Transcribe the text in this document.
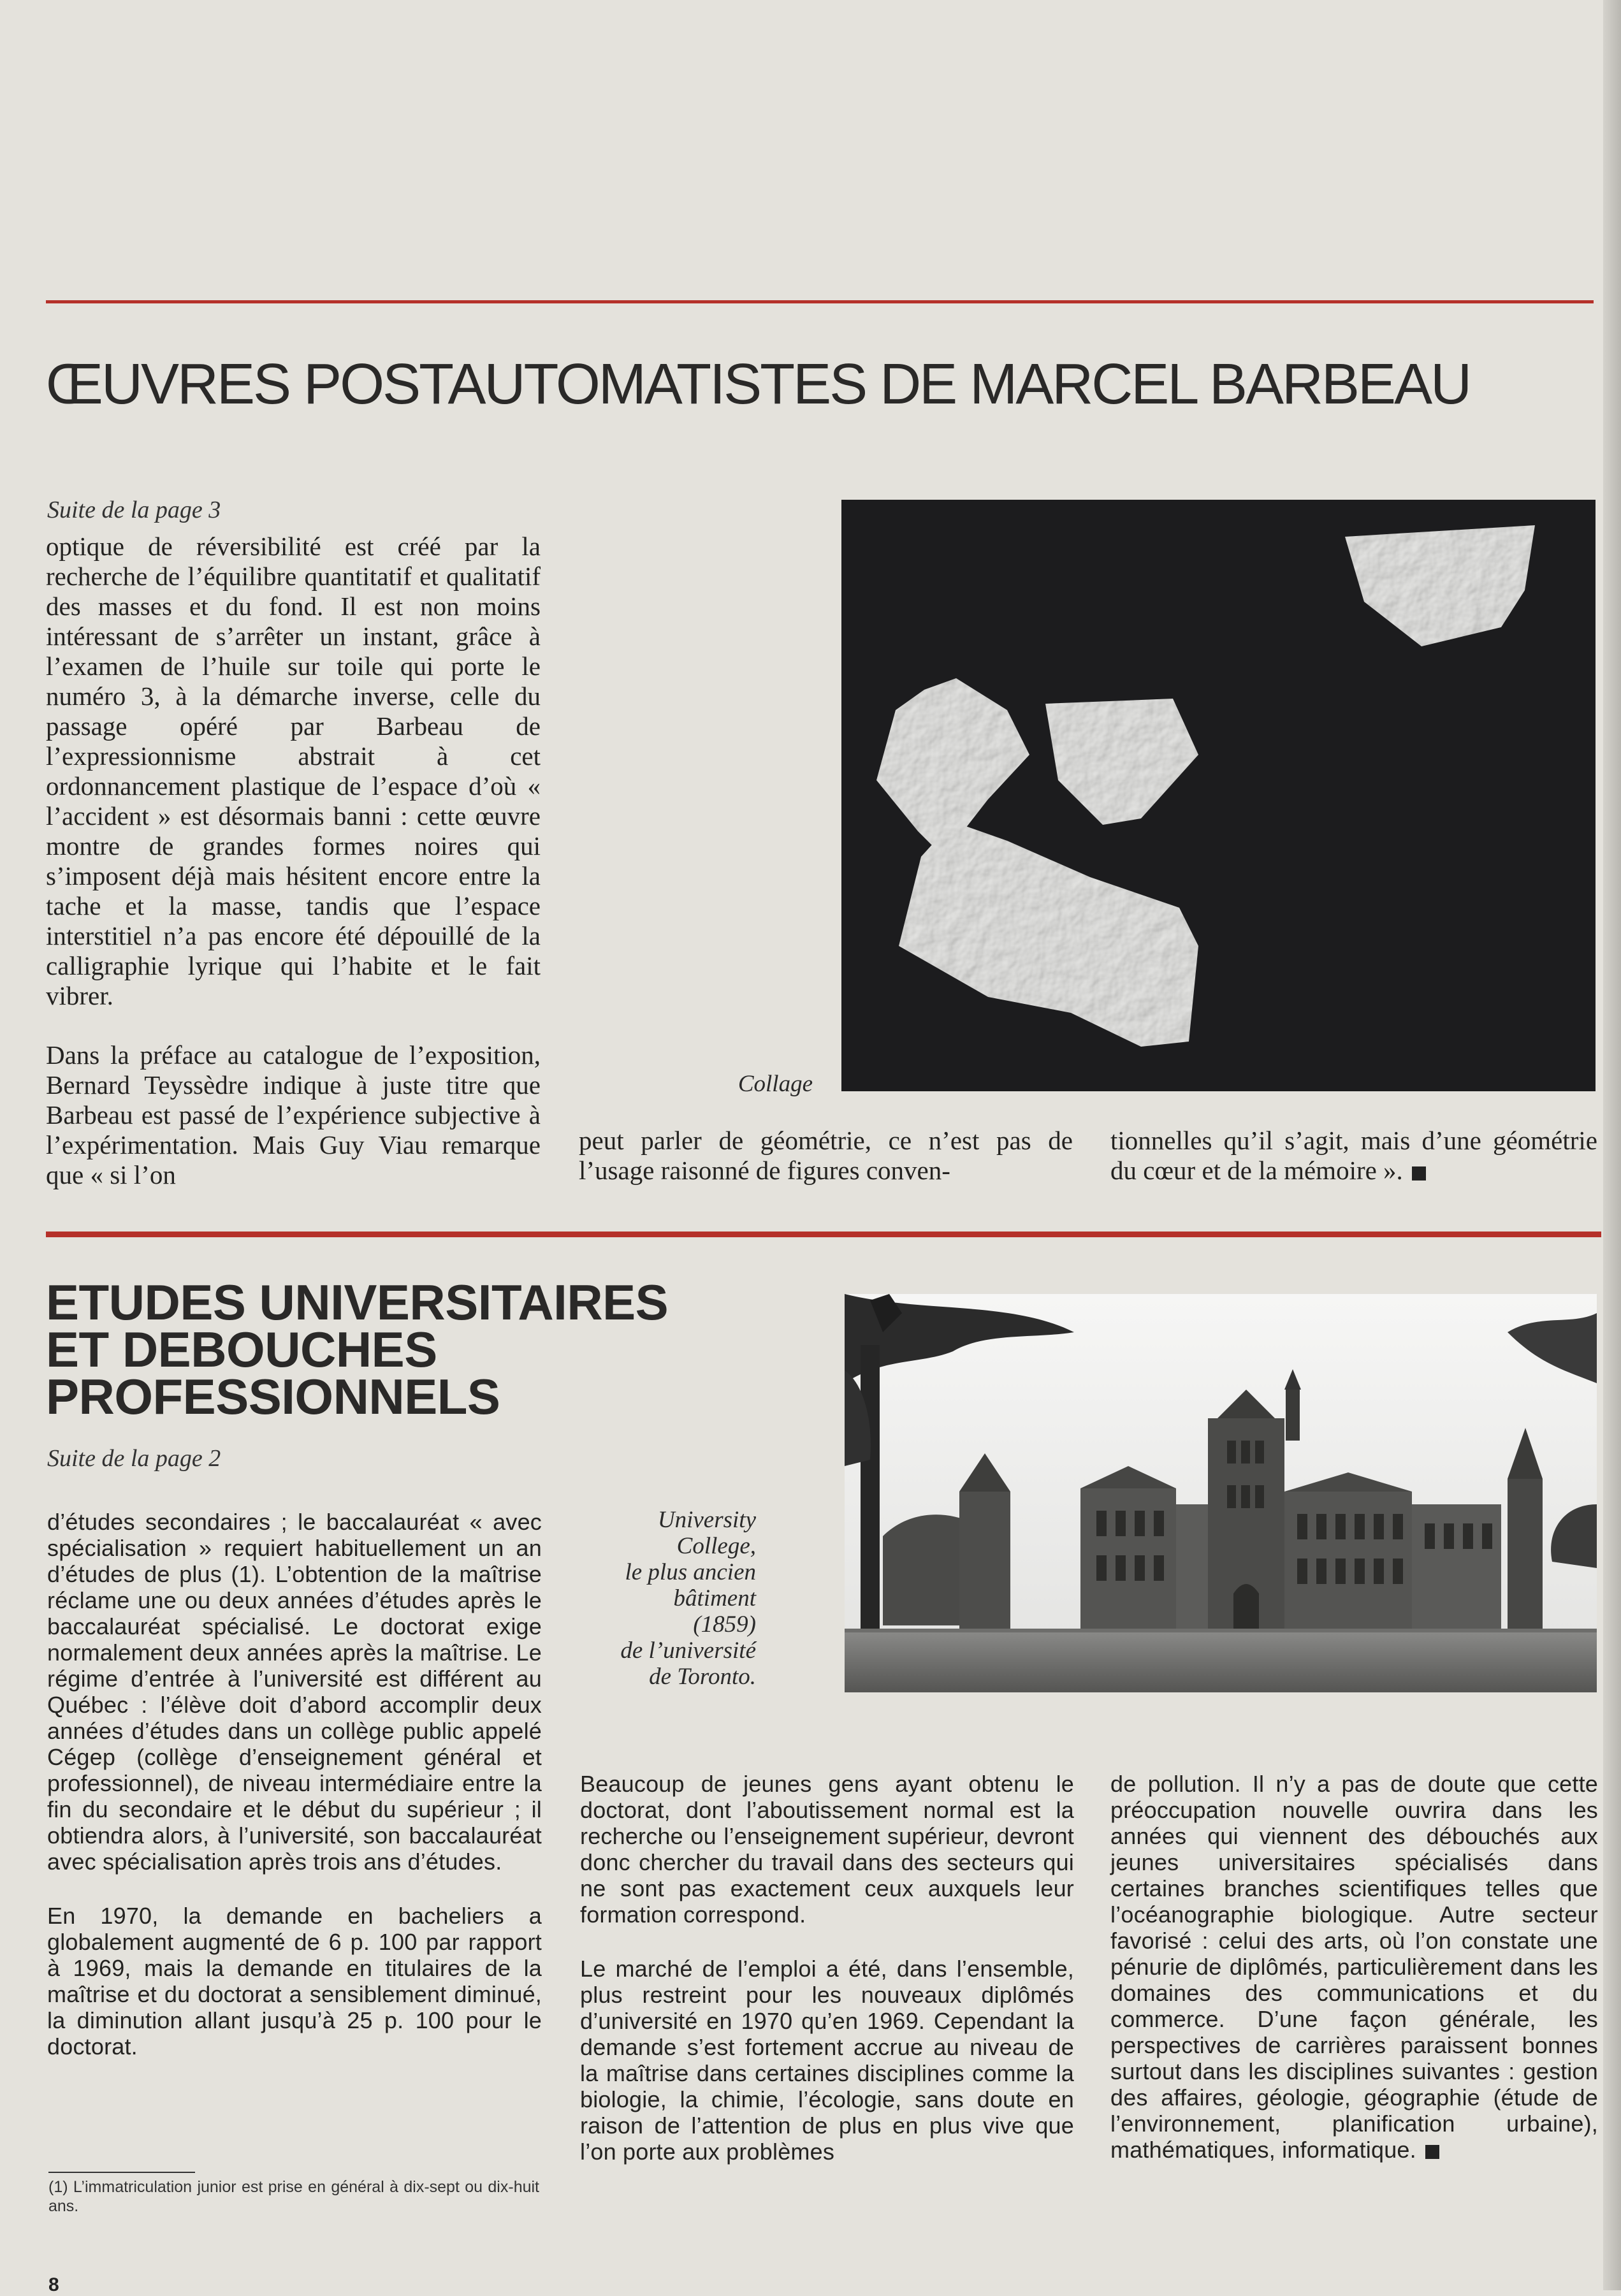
ŒUVRES POSTAUTOMATISTES DE MARCEL BARBEAU
Suite de la page 3

optique de réversibilité est créé par la recherche de l’équilibre quantitatif et qualitatif des masses et du fond. Il est non moins intéressant de s’arrêter un instant, grâce à l’examen de l’huile sur toile qui porte le numéro 3, à la démarche inverse, celle du passage opéré par Barbeau de l’expressionnisme abstrait à cet ordonnancement plastique de l’espace d’où « l’accident » est désormais banni : cette œuvre montre de grandes formes noires qui s’imposent déjà mais hésitent encore entre la tache et la masse, tandis que l’espace interstitiel n’a pas encore été dépouillé de la calligraphie lyrique qui l’habite et le fait vibrer.

Dans la préface au catalogue de l’exposition, Bernard Teyssèdre indique à juste titre que Barbeau est passé de l’expérience subjective à l’expérimentation. Mais Guy Viau remarque que « si l’on

Collage
peut parler de géométrie, ce n’est pas de l’usage raisonné de figures conven-
tionnelles qu’il s’agit, mais d’une géométrie du cœur et de la mémoire ».
ETUDES UNIVERSITAIRES
ET DEBOUCHES
PROFESSIONNELS
Suite de la page 2

d’études secondaires ; le baccalauréat « avec spécialisation » requiert habituellement un an d’études de plus (1). L’obtention de la maîtrise réclame une ou deux années d’études après le baccalauréat spécialisé. Le doctorat exige normalement deux années après la maîtrise. Le régime d’entrée à l’université est différent au Québec : l’élève doit d’abord accomplir deux années d’études dans un collège public appelé Cégep (collège d’enseignement général et professionnel), de niveau intermédiaire entre la fin du secondaire et le début du supérieur ; il obtiendra alors, à l’université, son baccalauréat avec spécialisation après trois ans d’études.

En 1970, la demande en bacheliers a globalement augmenté de 6 p. 100 par rapport à 1969, mais la demande en titulaires de la maîtrise et du doctorat a sensiblement diminué, la diminution allant jusqu’à 25 p. 100 pour le doctorat.

University
College,
le plus ancien
bâtiment
(1859)
de l’université
de Toronto.

Beaucoup de jeunes gens ayant obtenu le doctorat, dont l’aboutissement normal est la recherche ou l’enseignement supérieur, devront donc chercher du travail dans des secteurs qui ne sont pas exactement ceux auxquels leur formation correspond.

Le marché de l’emploi a été, dans l’ensemble, plus restreint pour les nouveaux diplômés d’université en 1970 qu’en 1969. Cependant la demande s’est fortement accrue au niveau de la maîtrise dans certaines disciplines comme la biologie, la chimie, l’écologie, sans doute en raison de l’attention de plus en plus vive que l’on porte aux problèmes

de pollution. Il n’y a pas de doute que cette préoccupation nouvelle ouvrira dans les années qui viennent des débouchés aux jeunes universitaires spécialisés dans certaines branches scientifiques telles que l’océanographie biologique. Autre secteur favorisé : celui des arts, où l’on constate une pénurie de diplômés, particulièrement dans les domaines des communications et du commerce. D’une façon générale, les perspectives de carrières paraissent bonnes surtout dans les disciplines suivantes : gestion des affaires, géologie, géographie (étude de l’environnement, planification urbaine), mathématiques, informatique.
(1) L’immatriculation junior est prise en général à dix-sept ou dix-huit ans.
8
